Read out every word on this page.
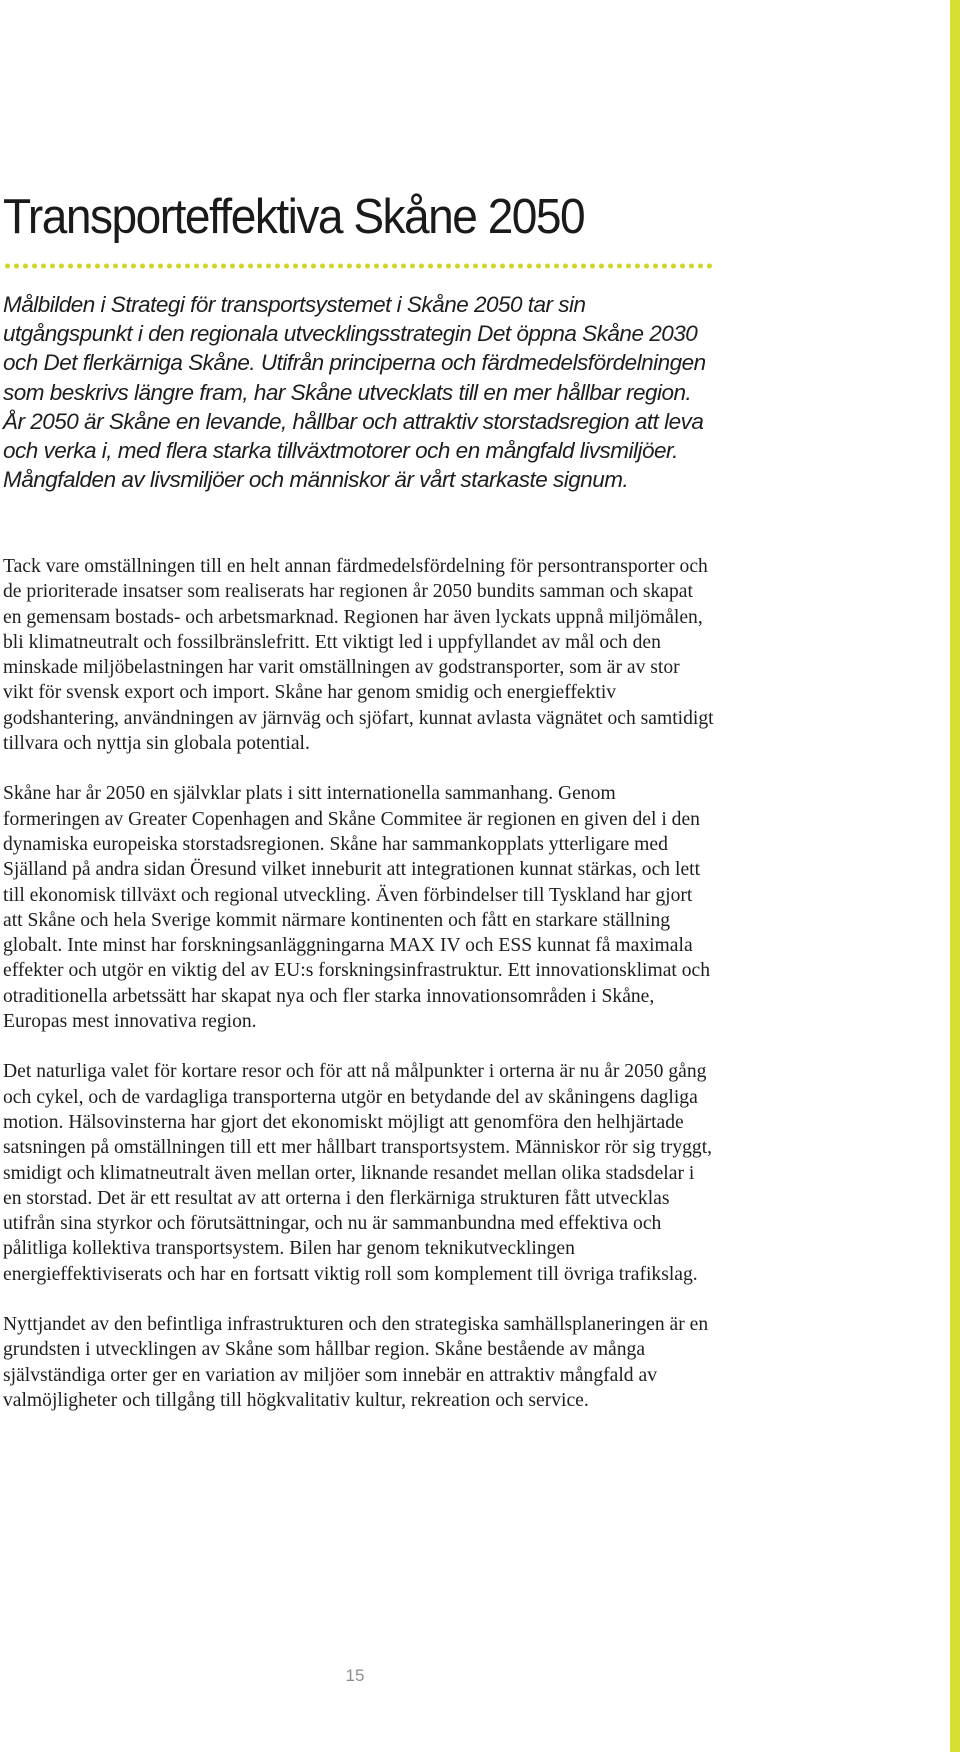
Transporteffektiva Skåne 2050

Målbilden i Strategi för transportsystemet i Skåne 2050 tar sin utgångspunkt i den regionala utvecklingsstrategin Det öppna Skåne 2030 och Det flerkärniga Skåne. Utifrån principerna och färdmedelsfördelningen som beskrivs längre fram, har Skåne utvecklats till en mer hållbar region. År 2050 är Skåne en levande, hållbar och attraktiv storstadsregion att leva och verka i, med flera starka tillväxtmotorer och en mångfald livsmiljöer. Mångfalden av livsmiljöer och människor är vårt starkaste signum.

Tack vare omställningen till en helt annan färdmedelsfördelning för persontransporter och de prioriterade insatser som realiserats har regionen år 2050 bundits samman och skapat en gemensam bostads- och arbetsmarknad. Regionen har även lyckats uppnå miljömålen, bli klimatneutralt och fossilbränslefritt. Ett viktigt led i uppfyllandet av mål och den minskade miljöbelastningen har varit omställningen av godstransporter, som är av stor vikt för svensk export och import. Skåne har genom smidig och energieffektiv godshantering, användningen av järnväg och sjöfart, kunnat avlasta vägnätet och samtidigt tillvara och nyttja sin globala potential.

Skåne har år 2050 en självklar plats i sitt internationella sammanhang. Genom formeringen av Greater Copenhagen and Skåne Commitee är regionen en given del i den dynamiska europeiska storstadsregionen. Skåne har sammankopplats ytterligare med Själland på andra sidan Öresund vilket inneburit att integrationen kunnat stärkas, och lett till ekonomisk tillväxt och regional utveckling. Även förbindelser till Tyskland har gjort att Skåne och hela Sverige kommit närmare kontinenten och fått en starkare ställning globalt. Inte minst har forskningsanläggningarna MAX IV och ESS kunnat få maximala effekter och utgör en viktig del av EU:s forskningsinfrastruktur. Ett innovationsklimat och otraditionella arbetssätt har skapat nya och fler starka innovationsområden i Skåne, Europas mest innovativa region.

Det naturliga valet för kortare resor och för att nå målpunkter i orterna är nu år 2050 gång och cykel, och de vardagliga transporterna utgör en betydande del av skåningens dagliga motion. Hälsovinsterna har gjort det ekonomiskt möjligt att genomföra den helhjärtade satsningen på omställningen till ett mer hållbart transportsystem. Människor rör sig tryggt, smidigt och klimatneutralt även mellan orter, liknande resandet mellan olika stadsdelar i en storstad. Det är ett resultat av att orterna i den flerkärniga strukturen fått utvecklas utifrån sina styrkor och förutsättningar, och nu är sammanbundna med effektiva och pålitliga kollektiva transportsystem. Bilen har genom teknikutvecklingen energieffektiviserats och har en fortsatt viktig roll som komplement till övriga trafikslag.

Nyttjandet av den befintliga infrastrukturen och den strategiska samhällsplaneringen är en grundsten i utvecklingen av Skåne som hållbar region. Skåne bestående av många självständiga orter ger en variation av miljöer som innebär en attraktiv mångfald av valmöjligheter och tillgång till högkvalitativ kultur, rekreation och service.

15
